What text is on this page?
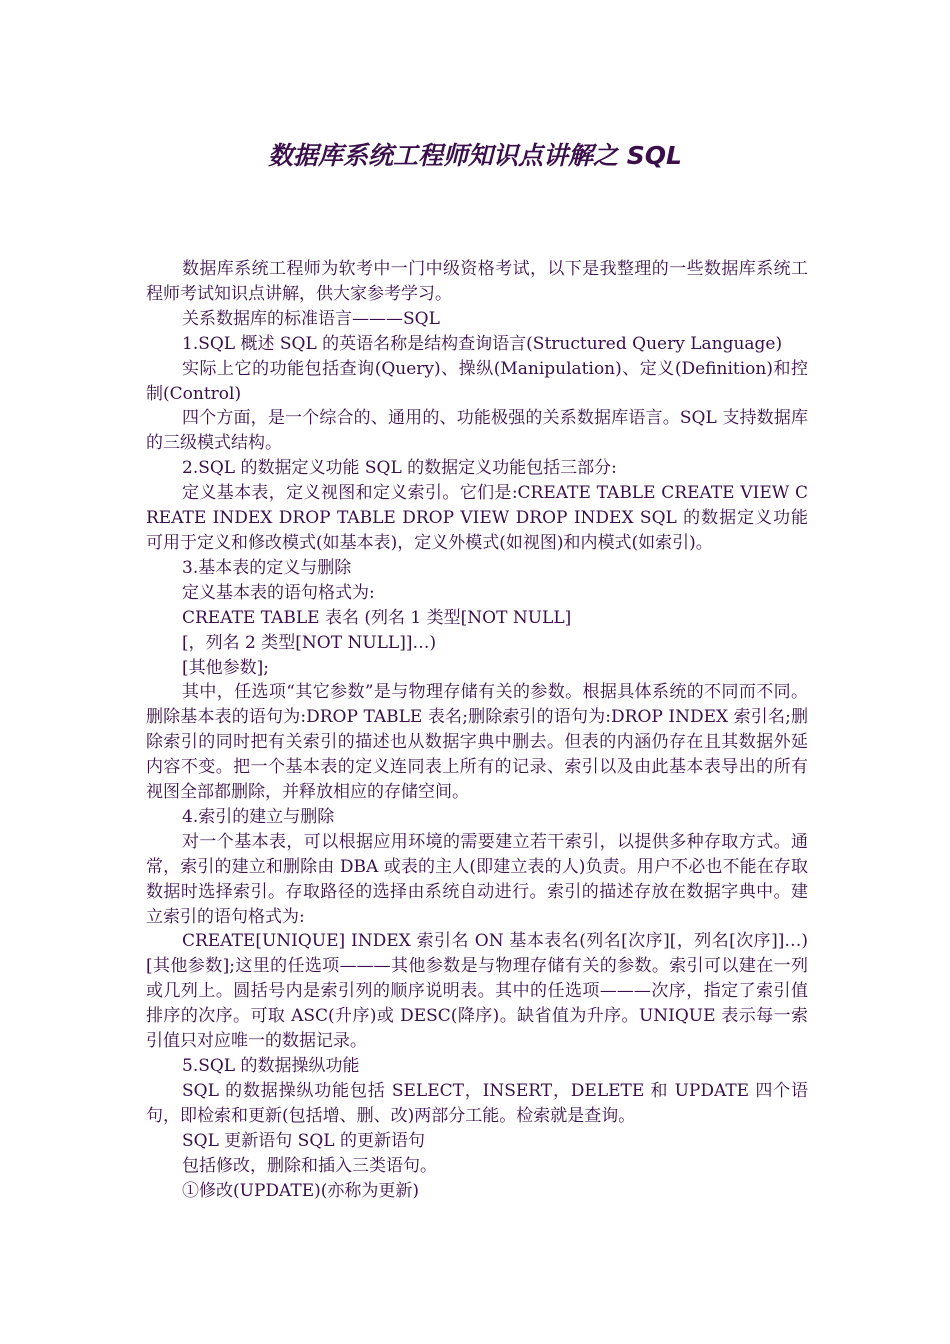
数据库系统工程师知识点讲解之 SQL

数据库系统工程师为软考中一门中级资格考试，以下是我整理的一些数据库系统工程师考试知识点讲解，供大家参考学习。

关系数据库的标准语言———SQL

1.SQL 概述 SQL 的英语名称是结构查询语言(Structured Query Language)

实际上它的功能包括查询(Query)、操纵(Manipulation)、定义(Definition)和控制(Control)

四个方面，是一个综合的、通用的、功能极强的关系数据库语言。SQL 支持数据库的三级模式结构。

2.SQL 的数据定义功能 SQL 的数据定义功能包括三部分:

定义基本表，定义视图和定义索引。它们是:CREATE TABLE CREATE VIEW CREATE INDEX DROP TABLE DROP VIEW DROP INDEX SQL 的数据定义功能可用于定义和修改模式(如基本表)，定义外模式(如视图)和内模式(如索引)。

3.基本表的定义与删除

定义基本表的语句格式为:

CREATE TABLE 表名 (列名 1 类型[NOT NULL]

[，列名 2 类型[NOT NULL]]…)

[其他参数];

其中，任选项“其它参数”是与物理存储有关的参数。根据具体系统的不同而不同。删除基本表的语句为:DROP TABLE 表名;删除索引的语句为:DROP INDEX 索引名;删除索引的同时把有关索引的描述也从数据字典中删去。但表的内涵仍存在且其数据外延内容不变。把一个基本表的定义连同表上所有的记录、索引以及由此基本表导出的所有视图全部都删除，并释放相应的存储空间。

4.索引的建立与删除

对一个基本表，可以根据应用环境的需要建立若干索引，以提供多种存取方式。通常，索引的建立和删除由 DBA 或表的主人(即建立表的人)负责。用户不必也不能在存取数据时选择索引。存取路径的选择由系统自动进行。索引的描述存放在数据字典中。建立索引的语句格式为:

CREATE[UNIQUE] INDEX 索引名 ON 基本表名(列名[次序][，列名[次序]]…)[其他参数];这里的任选项———其他参数是与物理存储有关的参数。索引可以建在一列或几列上。圆括号内是索引列的顺序说明表。其中的任选项———次序，指定了索引值排序的次序。可取 ASC(升序)或 DESC(降序)。缺省值为升序。UNIQUE 表示每一索引值只对应唯一的数据记录。

5.SQL 的数据操纵功能

SQL 的数据操纵功能包括 SELECT，INSERT，DELETE 和 UPDATE 四个语句，即检索和更新(包括增、删、改)两部分工能。检索就是查询。

SQL 更新语句 SQL 的更新语句

包括修改，删除和插入三类语句。

①修改(UPDATE)(亦称为更新)
